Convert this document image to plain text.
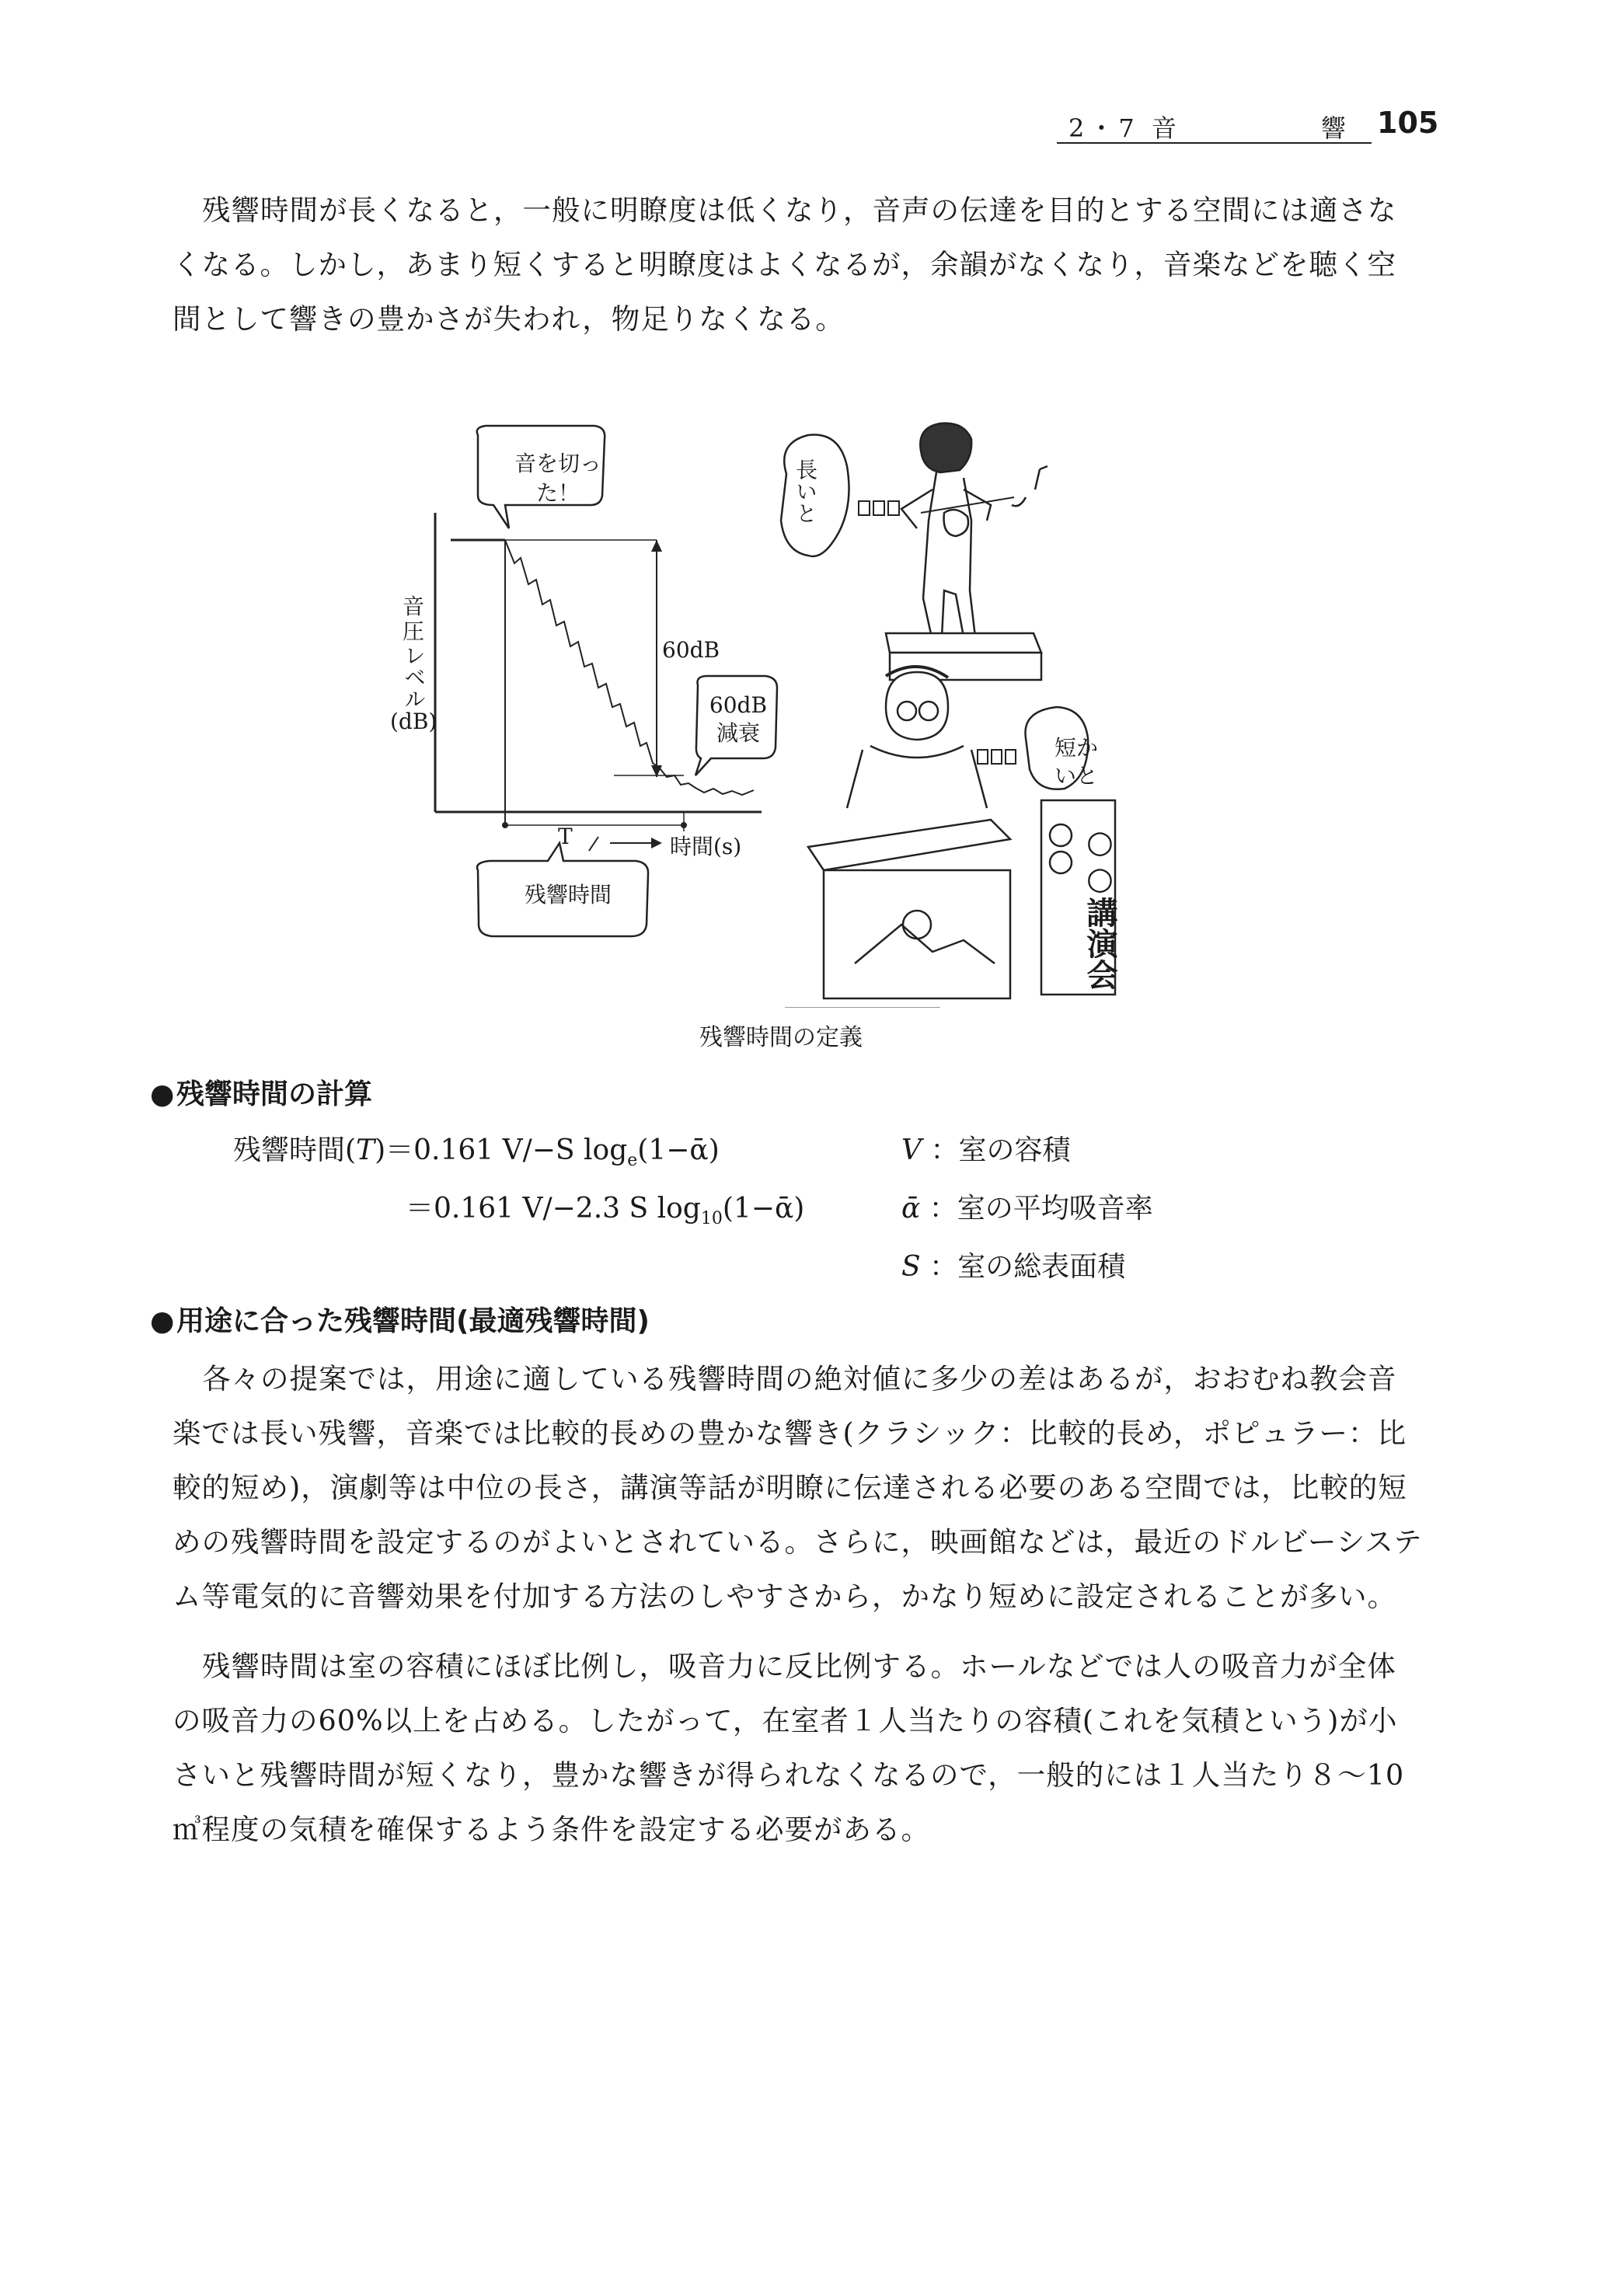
2・7 音	響 105
残響時間が長くなると，一般に明瞭度は低くなり，音声の伝達を目的とする空間には適さなくなる。しかし，あまり短くすると明瞭度はよくなるが，余韻がなくなり，音楽などを聴く空間として響きの豊かさが失われ，物足りなくなる。
音圧
レベル
(dB)
音を切った！
60dB
60dB減衰
T	時間(s)
残響時間
長いと
短かいと
○○講演会
残響時間の定義
●残響時間の計算
残響時間(T)＝0.161 V/−S $\log_e(1-ᾱ)$
＝0.161 V/−2.3 S $\log_{10}(1-ᾱ)$
V ：室の容積
ᾱ ：室の平均吸音率
S ：室の総表面積
●用途に合った残響時間(最適残響時間)
各々の提案では，用途に適している残響時間の絶対値に多少の差はあるが，おおむね教会音楽では長い残響，音楽では比較的長めの豊かな響き(クラシック：比較的長め，ポピュラー：比較的短め)，演劇等は中位の長さ，講演等話が明瞭に伝達される必要のある空間では，比較的短めの残響時間を設定するのがよいとされている。さらに，映画館などは，最近のドルビーシステム等電気的に音響効果を付加する方法のしやすさから，かなり短めに設定されることが多い。
残響時間は室の容積にほぼ比例し，吸音力に反比例する。ホールなどでは人の吸音力が全体の吸音力の60%以上を占める。したがって，在室者１人当たりの容積(これを気積という)が小さいと残響時間が短くなり，豊かな響きが得られなくなるので，一般的には１人当たり８～10㎥程度の気積を確保するよう条件を設定する必要がある。
